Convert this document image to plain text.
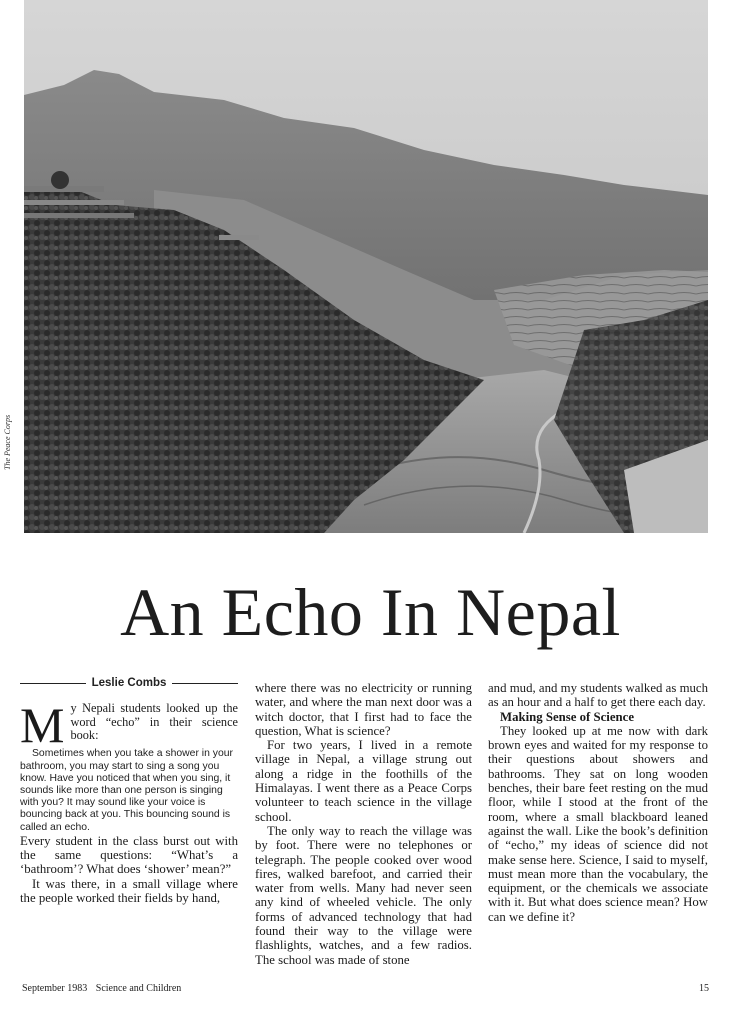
The Peace Corps
An Echo In Nepal
Leslie Combs
M y Nepali students looked up the word “echo” in their science book:

Sometimes when you take a shower in your bathroom, you may start to sing a song you know. Have you noticed that when you sing, it sounds like more than one person is singing with you? It may sound like your voice is bouncing back at you. This bouncing sound is called an echo.

Every student in the class burst out with the same questions: “What’s a ‘bathroom’? What does ‘shower’ mean?”

It was there, in a small village where the people worked their fields by hand,

where there was no electricity or running water, and where the man next door was a witch doctor, that I first had to face the question, What is science?

For two years, I lived in a remote village in Nepal, a village strung out along a ridge in the foothills of the Himalayas. I went there as a Peace Corps volunteer to teach science in the village school.

The only way to reach the village was by foot. There were no telephones or telegraph. The people cooked over wood fires, walked barefoot, and carried their water from wells. Many had never seen any kind of wheeled vehicle. The only forms of advanced technology that had found their way to the village were flashlights, watches, and a few radios. The school was made of stone

and mud, and my students walked as much as an hour and a half to get there each day.

Making Sense of Science

They looked up at me now with dark brown eyes and waited for my response to their questions about showers and bathrooms. They sat on long wooden benches, their bare feet resting on the mud floor, while I stood at the front of the room, where a small blackboard leaned against the wall. Like the book’s definition of “echo,” my ideas of science did not make sense here. Science, I said to myself, must mean more than the vocabulary, the equipment, or the chemicals we associate with it. But what does science mean? How can we define it?

September 1983 Science and Children	15
